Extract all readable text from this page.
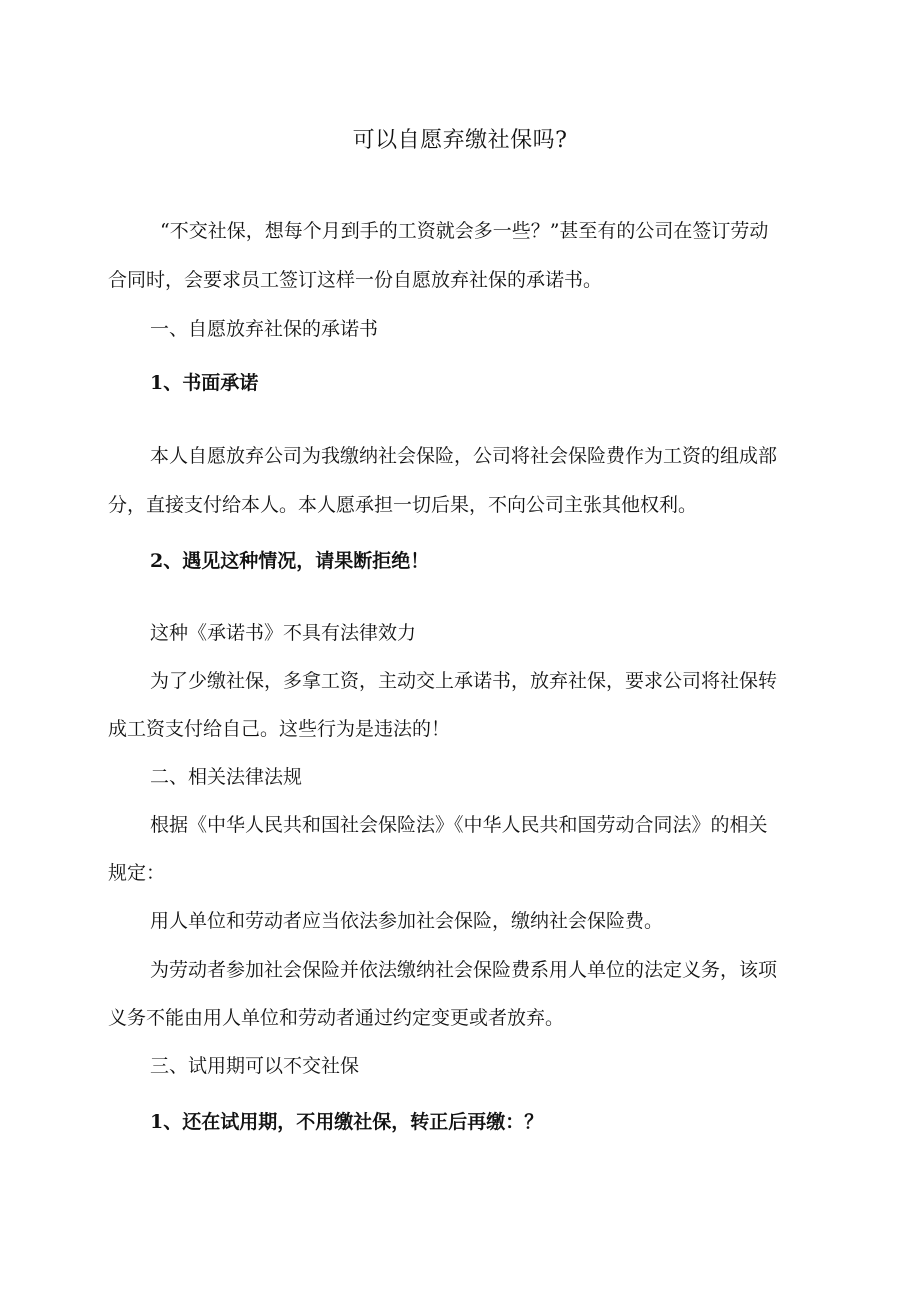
可以自愿弃缴社保吗?
“不交社保，想每个月到手的工资就会多一些？”甚至有的公司在签订劳动
合同时，会要求员工签订这样一份自愿放弃社保的承诺书。
一、自愿放弃社保的承诺书
1、书面承诺
本人自愿放弃公司为我缴纳社会保险，公司将社会保险费作为工资的组成部
分，直接支付给本人。本人愿承担一切后果，不向公司主张其他权利。
2、遇见这种情况，请果断拒绝！
这种《承诺书》不具有法律效力
为了少缴社保，多拿工资，主动交上承诺书，放弃社保，要求公司将社保转
成工资支付给自己。这些行为是违法的！
二、相关法律法规
根据《中华人民共和国社会保险法》《中华人民共和国劳动合同法》的相关
规定：
用人单位和劳动者应当依法参加社会保险，缴纳社会保险费。
为劳动者参加社会保险并依法缴纳社会保险费系用人单位的法定义务，该项
义务不能由用人单位和劳动者通过约定变更或者放弃。
三、试用期可以不交社保
1、还在试用期，不用缴社保，转正后再缴：？
